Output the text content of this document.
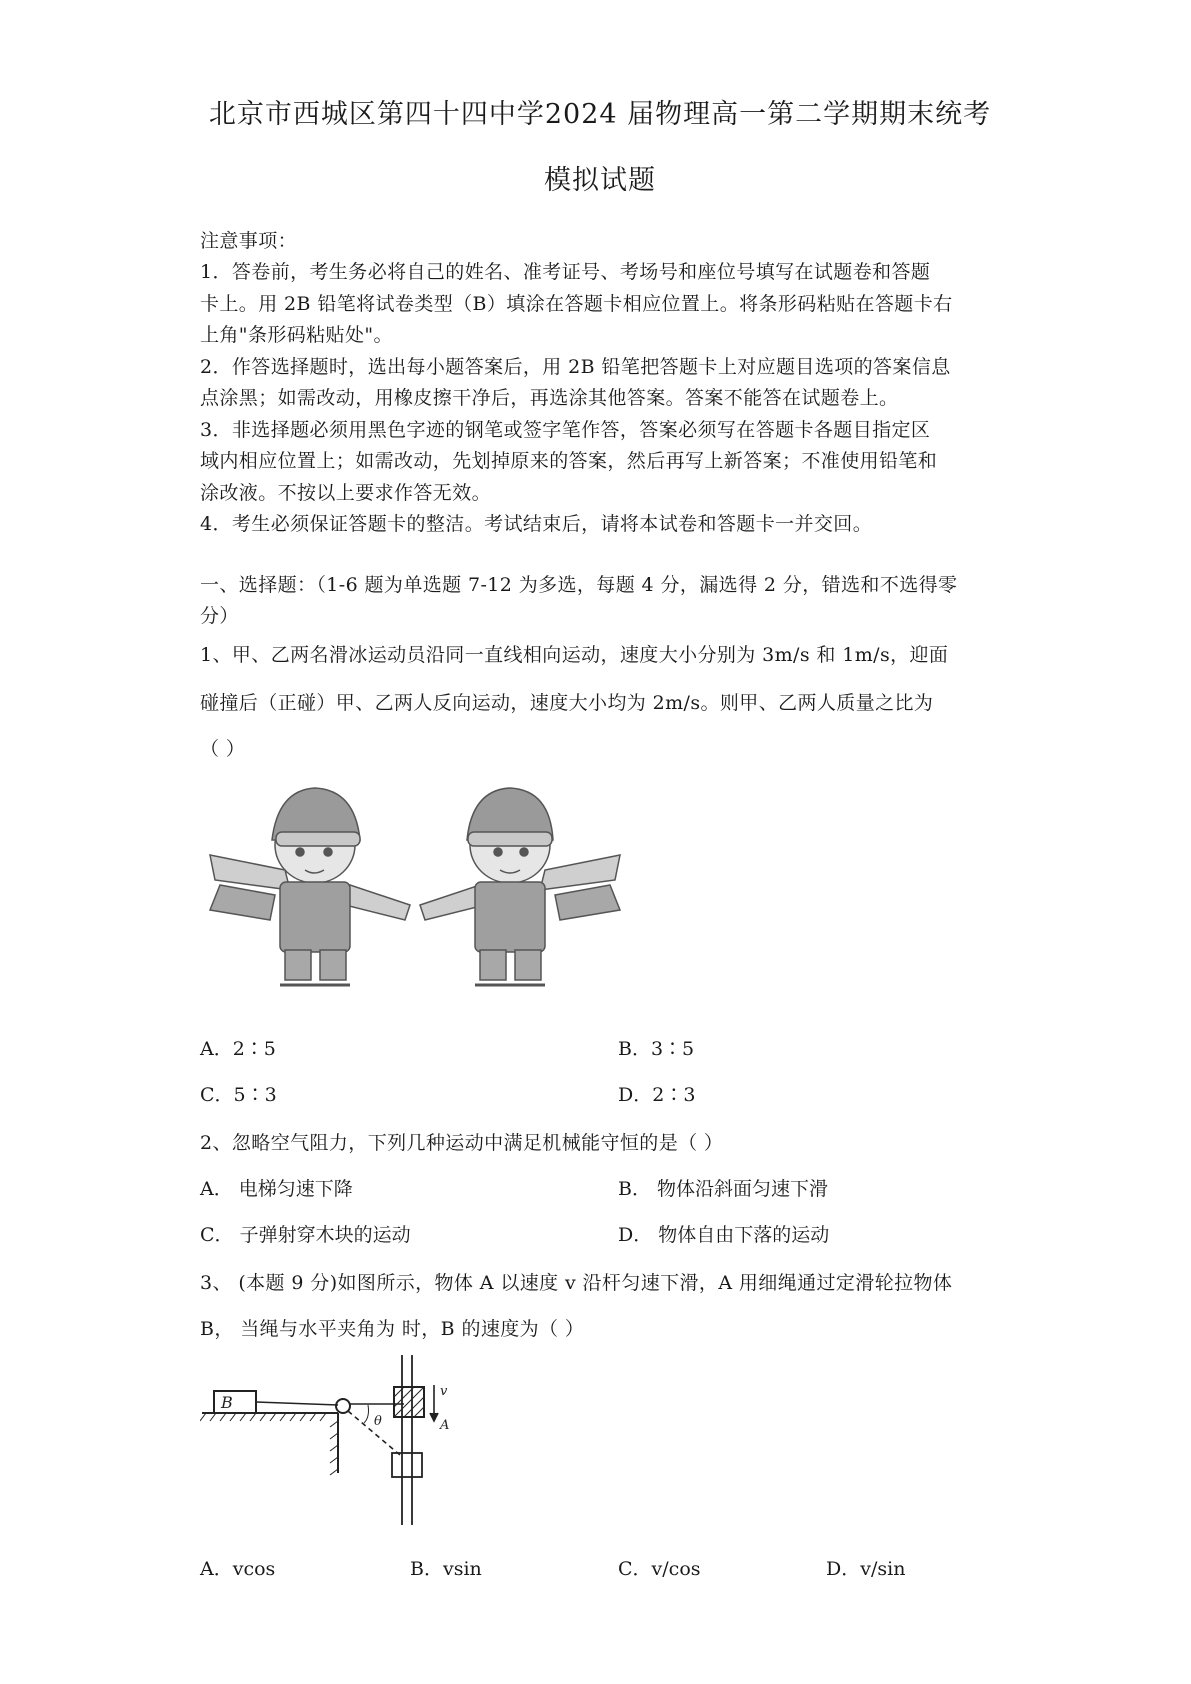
北京市西城区第四十四中学2024 届物理高一第二学期期末统考
模拟试题
注意事项：
1．答卷前，考生务必将自己的姓名、准考证号、考场号和座位号填写在试题卷和答题
卡上。用 2B 铅笔将试卷类型（B）填涂在答题卡相应位置上。将条形码粘贴在答题卡右
上角"条形码粘贴处"。
2．作答选择题时，选出每小题答案后，用 2B 铅笔把答题卡上对应题目选项的答案信息
点涂黑；如需改动，用橡皮擦干净后，再选涂其他答案。答案不能答在试题卷上。
3．非选择题必须用黑色字迹的钢笔或签字笔作答，答案必须写在答题卡各题目指定区
域内相应位置上；如需改动，先划掉原来的答案，然后再写上新答案；不准使用铅笔和
涂改液。不按以上要求作答无效。
4．考生必须保证答题卡的整洁。考试结束后，请将本试卷和答题卡一并交回。
一、选择题：（1-6 题为单选题 7-12 为多选，每题 4 分，漏选得 2 分，错选和不选得零
分）
1、甲、乙两名滑冰运动员沿同一直线相向运动，速度大小分别为 3m/s 和 1m/s，迎面
碰撞后（正碰）甲、乙两人反向运动，速度大小均为 2m/s。则甲、乙两人质量之比为
（ ）
A．2∶5	B．3∶5
C．5∶3	D．2∶3
2、忽略空气阻力，下列几种运动中满足机械能守恒的是（ ）
A． 电梯匀速下降	B． 物体沿斜面匀速下滑
C． 子弹射穿木块的运动	D． 物体自由下落的运动
3、 (本题 9 分)如图所示，物体 A 以速度 v 沿杆匀速下滑，A 用细绳通过定滑轮拉物体
B， 当绳与水平夹角为 时，B 的速度为（ ）
B
v
A
θ
A．vcos	B．vsin	C．v/cos	D．v/sin
